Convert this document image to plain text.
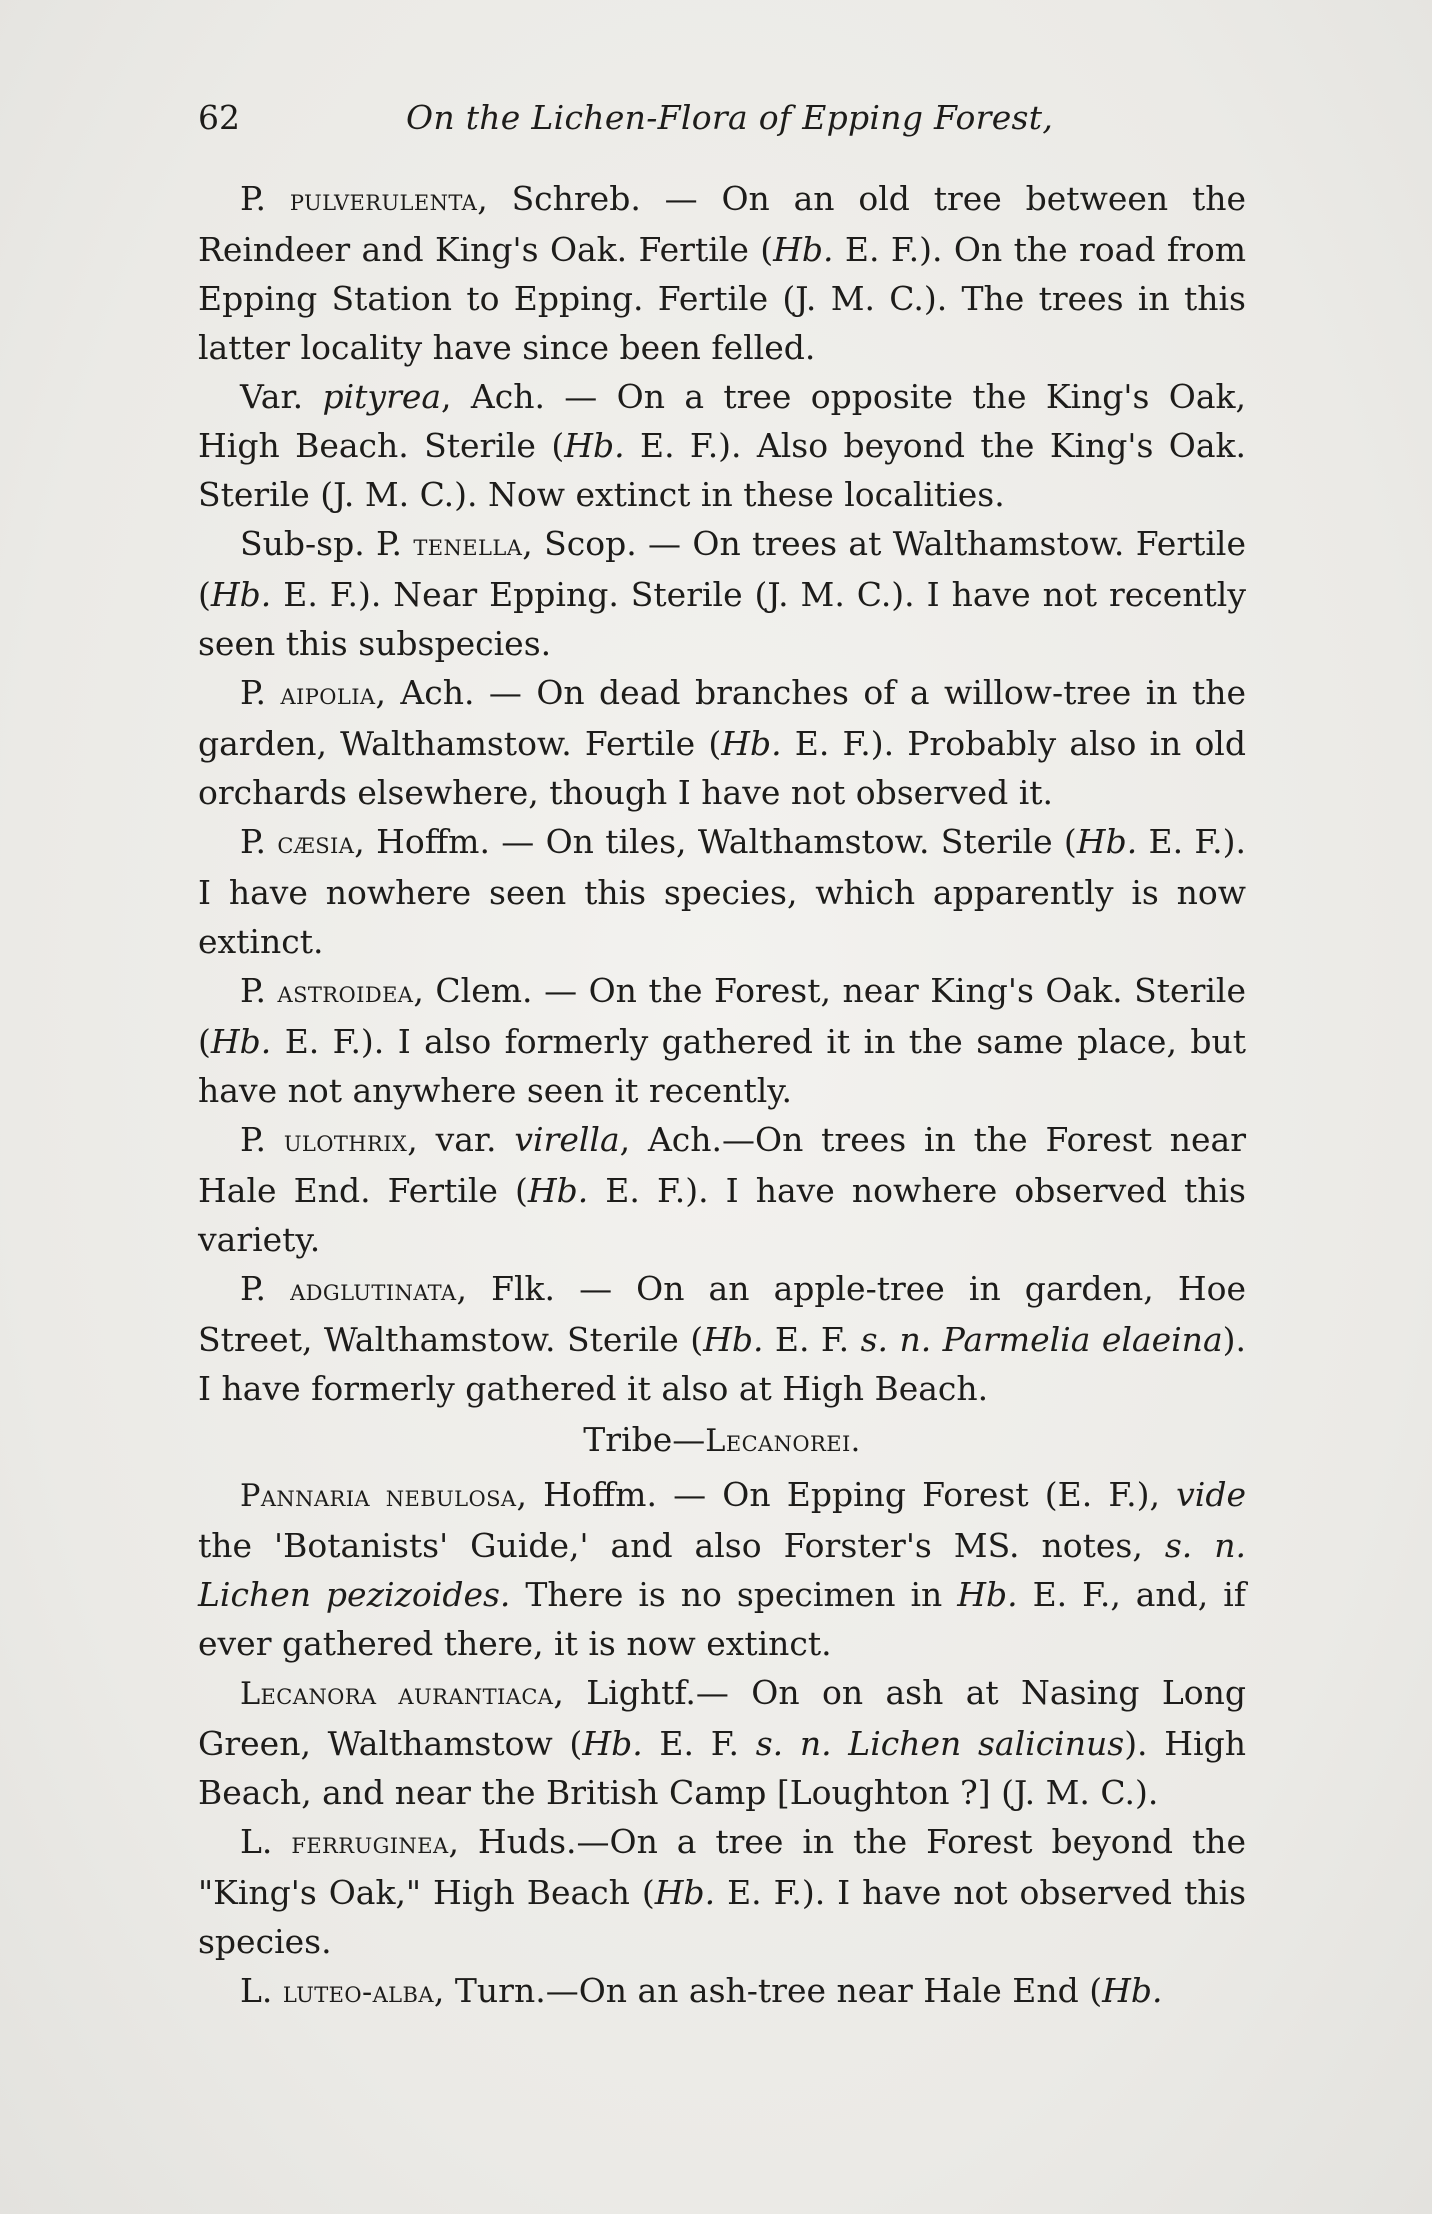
62	On the Lichen-Flora of Epping Forest,

P. pulverulenta, Schreb. — On an old tree between the Reindeer and King's Oak. Fertile (Hb. E. F.). On the road from Epping Station to Epping. Fertile (J. M. C.). The trees in this latter locality have since been felled.

Var. pityrea, Ach. — On a tree opposite the King's Oak, High Beach. Sterile (Hb. E. F.). Also beyond the King's Oak. Sterile (J. M. C.). Now extinct in these localities.

Sub-sp. P. tenella, Scop. — On trees at Walthamstow. Fertile (Hb. E. F.). Near Epping. Sterile (J. M. C.). I have not recently seen this subspecies.

P. aipolia, Ach. — On dead branches of a willow-tree in the garden, Walthamstow. Fertile (Hb. E. F.). Probably also in old orchards elsewhere, though I have not observed it.

P. cæsia, Hoffm. — On tiles, Walthamstow. Sterile (Hb. E. F.). I have nowhere seen this species, which apparently is now extinct.

P. astroidea, Clem. — On the Forest, near King's Oak. Sterile (Hb. E. F.). I also formerly gathered it in the same place, but have not anywhere seen it recently.

P. ulothrix, var. virella, Ach.—On trees in the Forest near Hale End. Fertile (Hb. E. F.). I have nowhere observed this variety.

P. adglutinata, Flk. — On an apple-tree in garden, Hoe Street, Walthamstow. Sterile (Hb. E. F. s. n. Parmelia elaeina). I have formerly gathered it also at High Beach.

Tribe—Lecanorei.

Pannaria nebulosa, Hoffm. — On Epping Forest (E. F.), vide the 'Botanists' Guide,' and also Forster's MS. notes, s. n. Lichen pezizoides. There is no specimen in Hb. E. F., and, if ever gathered there, it is now extinct.

Lecanora aurantiaca, Lightf.— On on ash at Nasing Long Green, Walthamstow (Hb. E. F. s. n. Lichen salicinus). High Beach, and near the British Camp [Loughton ?] (J. M. C.).

L. ferruginea, Huds.—On a tree in the Forest beyond the "King's Oak," High Beach (Hb. E. F.). I have not observed this species.

L. luteo-alba, Turn.—On an ash-tree near Hale End (Hb.
